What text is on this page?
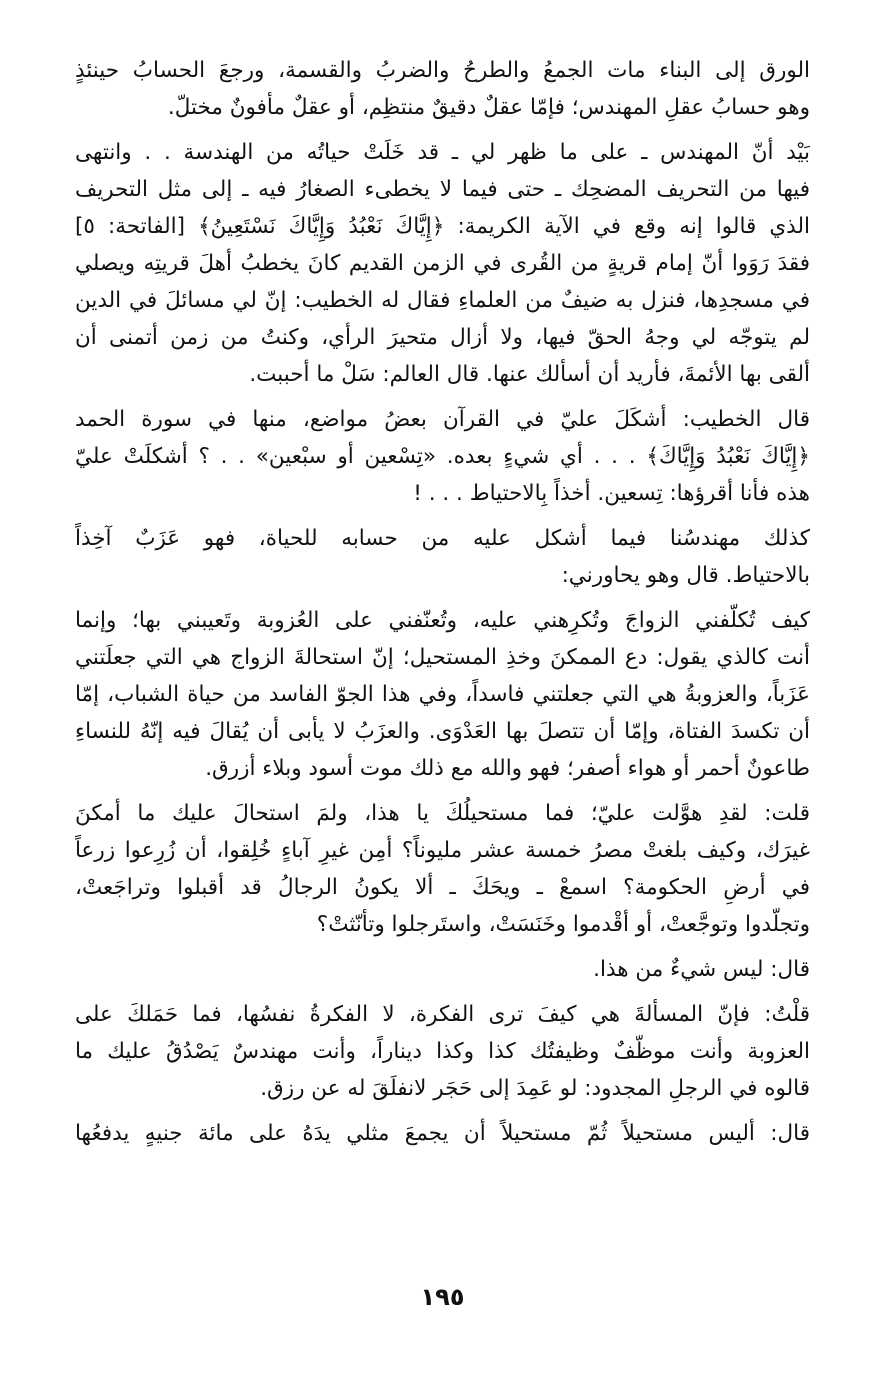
الورق إلى البناء مات الجمعُ والطرحُ والضربُ والقسمة، ورجعَ الحسابُ حينئذٍ
وهو حسابُ عقلِ المهندس؛ فإمّا عقلٌ دقيقٌ منتظِم، أو عقلٌ مأفونٌ مختلّ.
بَيْد أنّ المهندس ـ على ما ظهر لي ـ قد خَلَتْ حياتُه من الهندسة . . وانتهى
فيها من التحريف المضحِك ـ حتى فيما لا يخطىء الصغارُ فيه ـ إلى مثل التحريف
الذي قالوا إنه وقع في الآية الكريمة: ﴿إِيَّاكَ نَعْبُدُ وَإِيَّاكَ نَسْتَعِينُ﴾ [الفاتحة: ٥]
فقدَ رَوَوا أنّ إمام قريةٍ من القُرى في الزمن القديم كانَ يخطبُ أهلَ قريتِه ويصلي
في مسجدِها، فنزل به ضيفٌ من العلماءِ فقال له الخطيب: إنّ لي مسائلَ في الدين
لم يتوجّه لي وجهُ الحقّ فيها، ولا أزال متحيرَ الرأي، وكنتُ من زمن أتمنى أن
ألقى بها الأئمةَ، فأريد أن أسألك عنها. قال العالم: سَلْ ما أحببت.
قال الخطيب: أشكَلَ عليّ في القرآن بعضُ مواضع، منها في سورة الحمد
﴿إِيَّاكَ نَعْبُدُ وَإِيَّاكَ﴾ . . . أي شيءٍ بعده. «تِسْعين أو سبْعين» . . ؟ أشكلَتْ عليّ
هذه فأنا أقرؤها: تِسعين. أخذاً بِالاحتياط . . . !
كذلك مهندسُنا فيما أشكل عليه من حسابه للحياة، فهو عَزَبٌ آخِذاً
بالاحتياط. قال وهو يحاورني:
كيف تُكلّفني الزواجَ وتُكرِهني عليه، وتُعنّفني على العُزوبة وتَعيبني بها؛ وإنما
أنت كالذي يقول: دع الممكنَ وخذِ المستحيل؛ إنّ استحالةَ الزواج هي التي جعلَتني
عَزَباً، والعزوبةُ هي التي جعلتني فاسداً، وفي هذا الجوّ الفاسد من حياة الشباب، إمّا
أن تكسدَ الفتاة، وإمّا أن تتصلَ بها العَدْوَى. والعزَبُ لا يأبى أن يُقالَ فيه إنّهُ للنساءِ
طاعونٌ أحمر أو هواء أصفر؛ فهو والله مع ذلك موت أسود وبلاء أزرق.
قلت: لقدِ هوَّلت عليّ؛ فما مستحيلُكَ يا هذا، ولمَ استحالَ عليك ما أمكنَ
غيرَك، وكيف بلغتْ مصرُ خمسة عشر مليوناً؟ أمِن غيرِ آباءٍ خُلِقوا، أن زُرِعوا زرعاً
في أرضِ الحكومة؟ اسمعْ ـ ويحَكَ ـ ألا يكونُ الرجالُ قد أقبلوا وتراجَعتْ،
وتجلّدوا وتوجَّعتْ، أو أقْدموا وخَنَسَتْ، واستَرجلوا وتأنّثتْ؟
قال: ليس شيءٌ من هذا.
قلْتُ: فإنّ المسألةَ هي كيفَ ترى الفكرة، لا الفكرةُ نفسُها، فما حَمَلكَ على
العزوبة وأنت موظّفٌ وظيفتُك كذا وكذا ديناراً، وأنت مهندسٌ يَصْدُقُ عليك ما
قالوه في الرجلِ المجدود: لو عَمِدَ إلى حَجَر لانفلَقَ له عن رزق.
قال: أليس مستحيلاً ثُمّ مستحيلاً أن يجمعَ مثلي يدَهُ على مائة جنيهٍ يدفعُها
١٩٥
